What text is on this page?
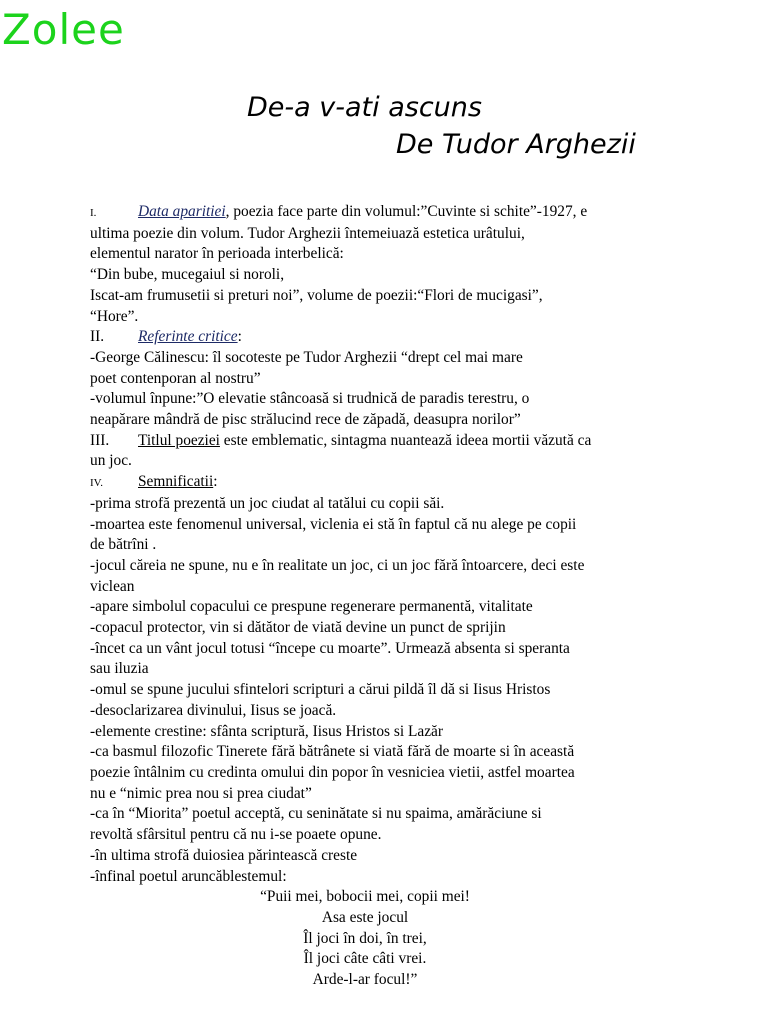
Zolee
De-a v-ati ascuns
De Tudor Arghezii

I.	Data aparitiei, poezia face parte din volumul:”Cuvinte si schite”-1927, e

ultima poezie din volum. Tudor Arghezii întemeiuază estetica urâtului,

elementul narator în perioada interbelică:

“Din bube, mucegaiul si noroli,

Iscat-am frumusetii si preturi noi”, volume de poezii:“Flori de mucigasi”,

“Hore”.

II. Referinte critice:

-George Călinescu: îl socoteste pe Tudor Arghezii “drept cel mai mare

poet contenporan al nostru”

-volumul înpune:”O elevatie stâncoasă si trudnică de paradis terestru, o

neapărare mândră de pisc strălucind rece de zăpadă, deasupra norilor”

III. Titlul poeziei este emblematic, sintagma nuantează ideea mortii văzută ca

un joc.

IV. Semnificatii:

-prima strofă prezentă un joc ciudat al tatălui cu copii săi.

-moartea este fenomenul universal, viclenia ei stă în faptul că nu alege pe copii

de bătrîni .

-jocul căreia ne spune, nu e în realitate un joc, ci un joc fără întoarcere, deci este

viclean

-apare simbolul copacului ce prespune regenerare permanentă, vitalitate

-copacul protector, vin si dătător de viată devine un punct de sprijin

-încet ca un vânt jocul totusi “începe cu moarte”. Urmează absenta si speranta

sau iluzia

-omul se spune jucului sfintelori scripturi a cărui pildă îl dă si Iisus Hristos

-desoclarizarea divinului, Iisus se joacă.

-elemente crestine: sfânta scriptură, Iisus Hristos si Lazăr

-ca basmul filozofic Tinerete fără bătrânete si viată fără de moarte si în această

poezie întâlnim cu credinta omului din popor în vesniciea vietii, astfel moartea

nu e “nimic prea nou si prea ciudat”

-ca în “Miorita” poetul acceptă, cu seninătate si nu spaima, amărăciune si

revoltă sfârsitul pentru că nu i-se poaete opune.

-în ultima strofă duiosiea părintească creste

-înfinal poetul aruncăblestemul:

“Puii mei, bobocii mei, copii mei!

Asa este jocul

Îl joci în doi, în trei,

Îl joci câte câti vrei.

Arde-l-ar focul!”
